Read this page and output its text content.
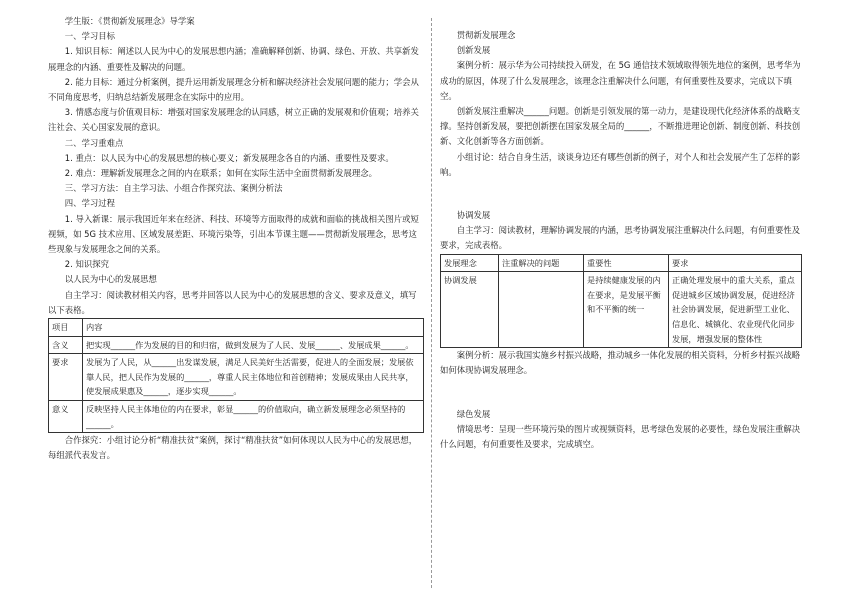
学生版：《贯彻新发展理念》导学案

一、学习目标

1. 知识目标：阐述以人民为中心的发展思想内涵；准确解释创新、协调、绿色、开放、共享新发展理念的内涵、重要性及解决的问题。

2. 能力目标：通过分析案例，提升运用新发展理念分析和解决经济社会发展问题的能力；学会从不同角度思考，归纳总结新发展理念在实际中的应用。

3. 情感态度与价值观目标：增强对国家发展理念的认同感，树立正确的发展观和价值观；培养关注社会、关心国家发展的意识。

二、学习重难点

1. 重点：以人民为中心的发展思想的核心要义；新发展理念各自的内涵、重要性及要求。

2. 难点：理解新发展理念之间的内在联系；如何在实际生活中全面贯彻新发展理念。

三、学习方法：自主学习法、小组合作探究法、案例分析法

四、学习过程

1. 导入新课：展示我国近年来在经济、科技、环境等方面取得的成就和面临的挑战相关图片或短视频，如 5G 技术应用、区域发展差距、环境污染等，引出本节课主题——贯彻新发展理念，思考这些现象与发展理念之间的关系。

2. 知识探究

以人民为中心的发展思想

自主学习：阅读教材相关内容，思考并回答以人民为中心的发展思想的含义、要求及意义，填写以下表格。

项目	内容
含义	把实现______作为发展的目的和归宿，做到发展为了人民、发展______、发展成果______。
要求	发展为了人民，从______出发谋发展，满足人民美好生活需要，促进人的全面发展；发展依靠人民，把人民作为发展的______，尊重人民主体地位和首创精神；发展成果由人民共享，使发展成果惠及______，逐步实现______。
意义	反映坚持人民主体地位的内在要求，彰显______的价值取向，确立新发展理念必须坚持的______。

合作探究：小组讨论分析“精准扶贫”案例，探讨“精准扶贫”如何体现以人民为中心的发展思想，每组派代表发言。

贯彻新发展理念

创新发展

案例分析：展示华为公司持续投入研发，在 5G 通信技术领域取得领先地位的案例，思考华为成功的原因，体现了什么发展理念，该理念注重解决什么问题，有何重要性及要求，完成以下填空。

创新发展注重解决______问题。创新是引领发展的第一动力，是建设现代化经济体系的战略支撑。坚持创新发展，要把创新摆在国家发展全局的______，不断推进理论创新、制度创新、科技创新、文化创新等各方面创新。

小组讨论：结合自身生活，谈谈身边还有哪些创新的例子，对个人和社会发展产生了怎样的影响。

协调发展

自主学习：阅读教材，理解协调发展的内涵，思考协调发展注重解决什么问题，有何重要性及要求，完成表格。

发展理念	注重解决的问题	重要性	要求
协调发展		是持续健康发展的内在要求，是发展平衡和不平衡的统一	正确处理发展中的重大关系，重点促进城乡区域协调发展，促进经济社会协调发展，促进新型工业化、信息化、城镇化、农业现代化同步发展，增强发展的整体性

案例分析：展示我国实施乡村振兴战略，推动城乡一体化发展的相关资料，分析乡村振兴战略如何体现协调发展理念。

绿色发展

情境思考：呈现一些环境污染的图片或视频资料，思考绿色发展的必要性，绿色发展注重解决什么问题，有何重要性及要求，完成填空。
